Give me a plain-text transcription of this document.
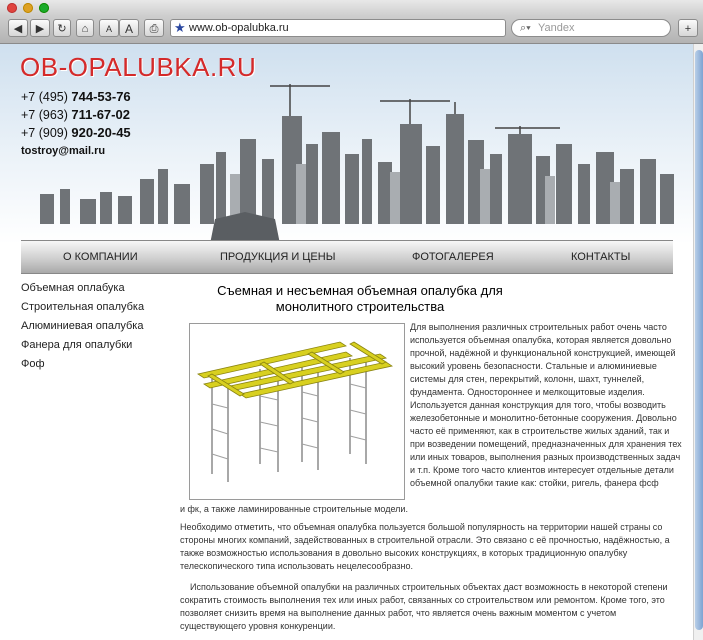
◀	▶	↻	⌂	A	A	⎙	★ www.ob-opalubka.ru	⌕▾ Yandex	+
OB-OPALUBKA.RU
+7 (495) 744-53-76
+7 (963) 711-67-02
+7 (909) 920-20-45
tostroy@mail.ru
О КОМПАНИИ	ПРОДУКЦИЯ И ЦЕНЫ	ФОТОГАЛЕРЕЯ	КОНТАКТЫ
Объемная оплабука
Строительная опалубка
Алюминиевая опалубка
Фанера для опалубки
Фоф
Съемная и несъемная объемная опалубка для монолитного строительства
Для выполнения различных строительных работ очень часто используется объемная опалубка, которая является довольно прочной, надёжной и функциональной конструкцией, имеющей высокий уровень безопасности. Стальные и алюминиевые системы для стен, перекрытий, колонн, шахт, туннелей, фундамента. Одностороннее и мелкощитовые изделия. Используется данная конструкция для того, чтобы возводить железобетонные и монолитно-бетонные сооружения. Довольно часто её применяют, как в строительстве жилых зданий, так и при возведении помещений, предназначенных для хранения тех или иных товаров, выполнения разных производственных задач и т.п. Кроме того часто клиентов интересует отдельные детали объемной опалубки такие как: стойки, ригель, фанера фсф
и фк, а также ламинированные строительные модели.
Необходимо отметить, что объемная опалубка пользуется большой популярность на территории нашей страны со стороны многих компаний, задействованных в строительной отрасли. Это связано с её прочностью, надёжностью, а также возможностью использования в довольно высоких конструкциях, в которых традиционную опалубку телескопического типа использовать нецелесообразно.
Использование объемной опалубки на различных строительных объектах даст возможность в некоторой степени сократить стоимость выполнения тех или иных работ, связанных со строительством или ремонтом. Кроме того, это позволяет снизить время на выполнение данных работ, что является очень важным моментом с учетом существующего уровня конкуренции.
